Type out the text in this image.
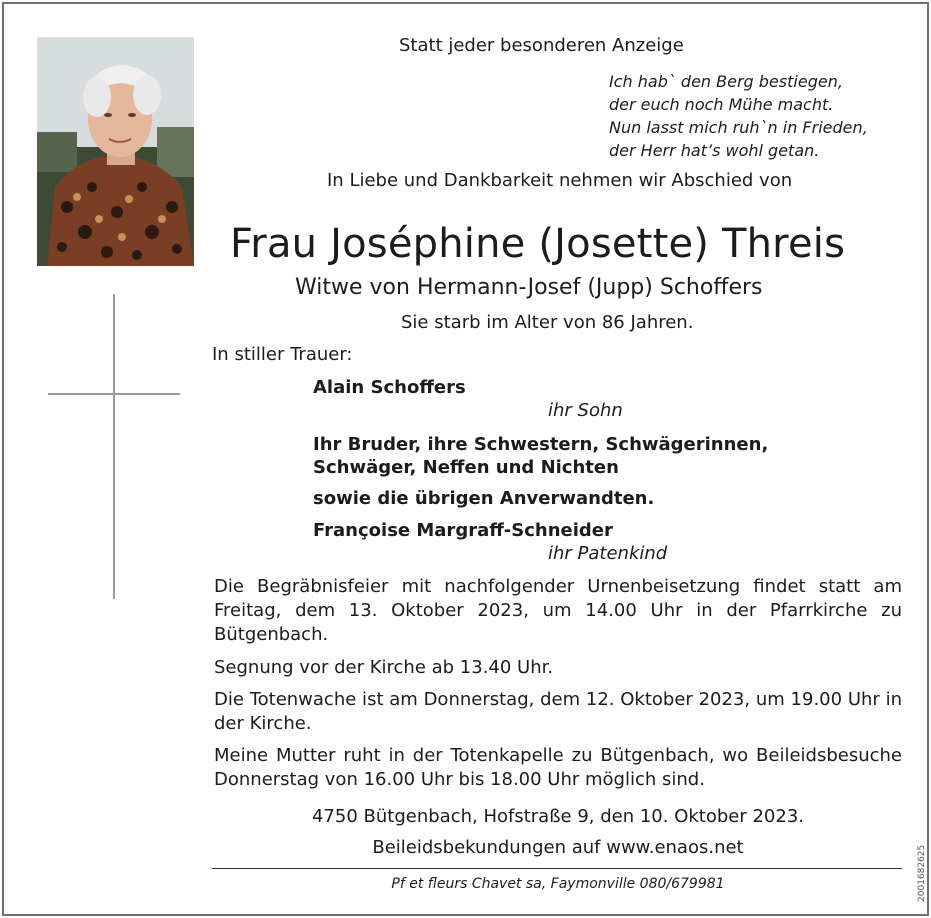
Statt jeder besonderen Anzeige
Ich hab` den Berg bestiegen,
der euch noch Mühe macht.
Nun lasst mich ruh`n in Frieden,
der Herr hat’s wohl getan.
In Liebe und Dankbarkeit nehmen wir Abschied von
Frau Joséphine (Josette) Threis
Witwe von Hermann-Josef (Jupp) Schoffers
Sie starb im Alter von 86 Jahren.
In stiller Trauer:
Alain Schoffers
ihr Sohn
Ihr Bruder, ihre Schwestern, Schwägerinnen,
Schwäger, Neffen und Nichten
sowie die übrigen Anverwandten.
Françoise Margraff-Schneider
ihr Patenkind
Die Begräbnisfeier mit nachfolgender Urnenbeisetzung findet statt am Freitag, dem 13. Oktober 2023, um 14.00 Uhr in der Pfarrkirche zu Bütgenbach.
Segnung vor der Kirche ab 13.40 Uhr.
Die Totenwache ist am Donnerstag, dem 12. Oktober 2023, um 19.00 Uhr in der Kirche.
Meine Mutter ruht in der Totenkapelle zu Bütgenbach, wo Beileidsbesuche Donnerstag von 16.00 Uhr bis 18.00 Uhr möglich sind.
4750 Bütgenbach, Hofstraße 9, den 10. Oktober 2023.
Beileidsbekundungen auf www.enaos.net
Pf et fleurs Chavet sa, Faymonville 080/679981	2001682625
